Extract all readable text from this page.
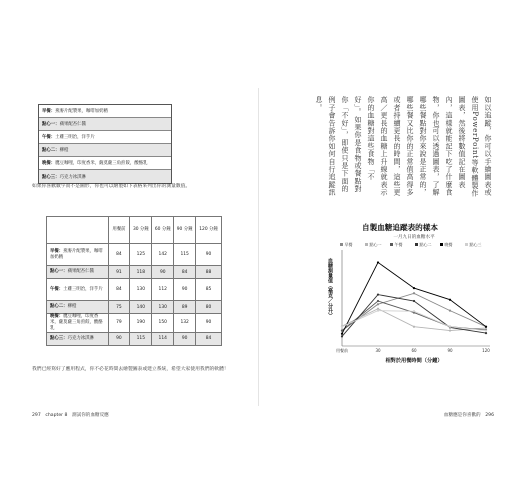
早餐： 燕麥片配漿果，咖啡加奶精
點心一： 蘋果配杏仁醬
午餐： 土雞三明治，洋芋片
點心二： 柳橙
晚餐： 鷹豆咖哩，印度香米，薩莫薩三角煎餃，酸酪乳
點心三： 巧克力冰淇淋
如果你喜歡數字而不是圖形，你也可以繪製如下表格來列出你的測量數值。
	用餐前	30 分鐘	60 分鐘	90 分鐘	120 分鐘
早餐：燕麥片配漿果，咖啡加奶精	84	125	142	115	90
點心一：蘋果配杏仁醬	91	118	90	84	88
午餐：土雞三明治，洋芋片	84	130	112	90	85
點心二：柳橙	75	140	130	89	80
晚餐：鷹豆咖哩，印度香米，薩莫薩三角煎餃，酸酪乳	79	190	150	132	90
點心三：巧克力冰淇淋	90	115	114	90	84
我們已經寫好了應用程式，你不必花時間去繪製圖表或建立系統，希望大家使用我們的軟體！
297　chapter 8　測試你的血糖反應
如以追蹤，你可以手繪圖表或使用PowerPoint等軟體製作圖表，然後將數值記在圖表內，這樣就能記下吃了什麼食物，你也可以透過圖表，了解哪些餐點對你來說是正常的，哪些餐又比你的正常值高得多或者持續更長的時間，這些更高／更長的血糖上升線就表示你的血糖對這些食物「不好」。如果你是食物或餐點對你「不好」，即使只是下面的例子會告訴你如何自行追蹤訊息。
自製血糖追蹤表的樣本
一月九日的血糖水平
早餐	點心一	午餐	點心二	晚餐	點心三
用餐前	30	60	90	120
相對於用餐時間（分鐘）
血糖測量值（毫克／分升）
血糖應是你喜歡的　296
